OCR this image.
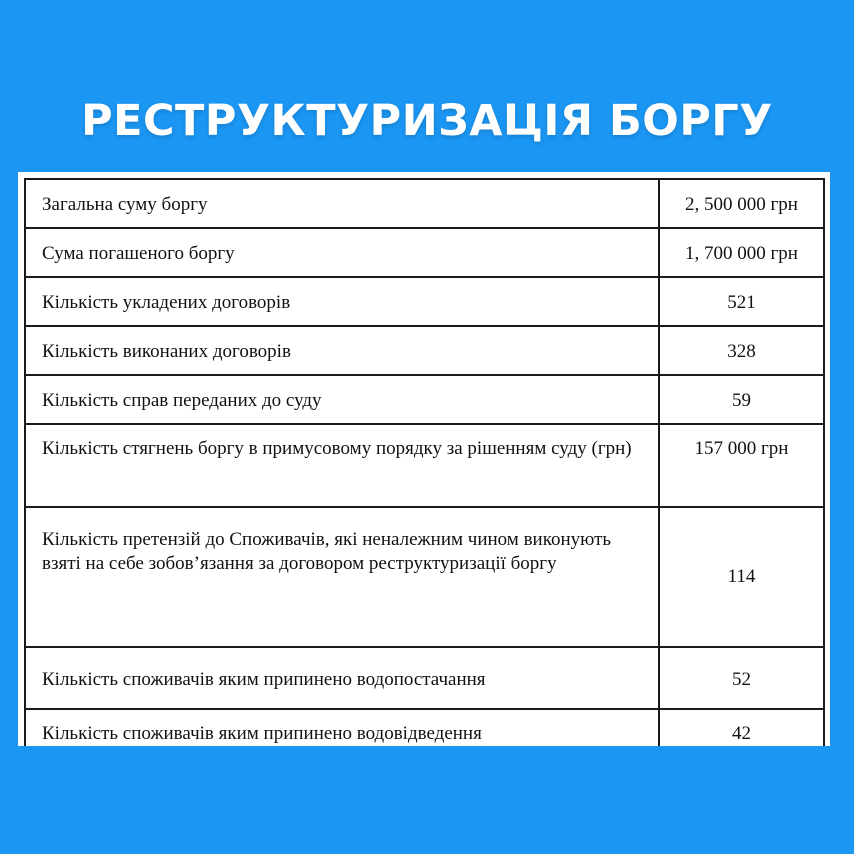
РЕСТРУКТУРИЗАЦІЯ БОРГУ
Загальна суму боргу	2, 500 000 грн
Сума погашеного боргу	1, 700 000 грн
Кількість укладених договорів	521
Кількість виконаних договорів	328
Кількість справ переданих до суду	59
Кількість стягнень боргу в примусовому порядку за рішенням суду (грн)	157 000 грн
Кількість претензій до Споживачів, які неналежним чином виконують взяті на себе зобов’язання за договором реструктуризації боргу	114
Кількість споживачів яким припинено водопостачання	52
Кількість споживачів яким припинено водовідведення	42
